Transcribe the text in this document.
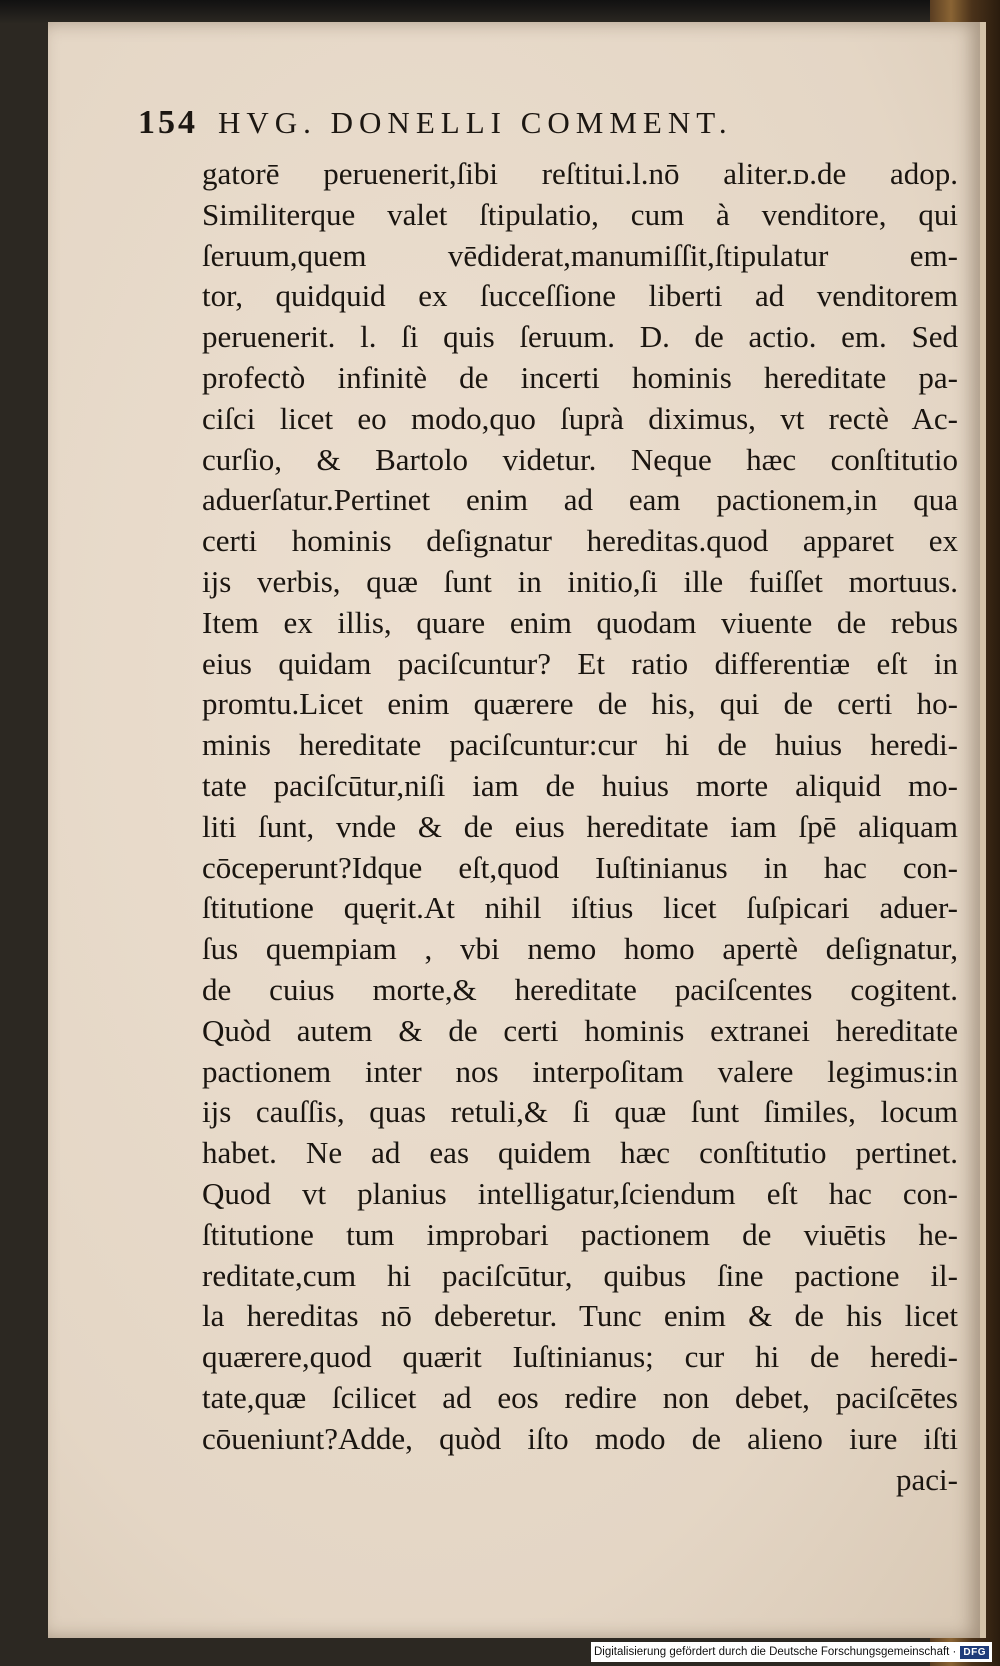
154 HVG. DONELLI COMMENT.
gatorē peruenerit,ſibi reſtitui.l.nō aliter.ᴅ.de adop.
Similiterque valet ſtipulatio, cum à venditore, qui
ſeruum,quem vēdiderat,manumiſſit,ſtipulatur em-
tor, quidquid ex ſucceſſione liberti ad venditorem
peruenerit. l. ſi quis ſeruum. D. de actio. em. Sed
profectò infinitè de incerti hominis hereditate pa-
ciſci licet eo modo,quo ſuprà diximus, vt rectè Ac-
curſio, & Bartolo videtur. Neque hæc conſtitutio
aduerſatur.Pertinet enim ad eam pactionem,in qua
certi hominis deſignatur hereditas.quod apparet ex
ijs verbis, quæ ſunt in initio,ſi ille fuiſſet mortuus.
Item ex illis, quare enim quodam viuente de rebus
eius quidam paciſcuntur? Et ratio differentiæ eſt in
promtu.Licet enim quærere de his, qui de certi ho-
minis hereditate paciſcuntur:cur hi de huius heredi-
tate paciſcūtur,niſi iam de huius morte aliquid mo-
liti ſunt, vnde & de eius hereditate iam ſpē aliquam
cōceperunt?Idque eſt,quod Iuſtinianus in hac con-
ſtitutione quęrit.At nihil iſtius licet ſuſpicari aduer-
ſus quempiam , vbi nemo homo apertè deſignatur,
de cuius morte,& hereditate paciſcentes cogitent.
Quòd autem & de certi hominis extranei hereditate
pactionem inter nos interpoſitam valere legimus:in
ijs cauſſis, quas retuli,& ſi quæ ſunt ſimiles, locum
habet. Ne ad eas quidem hæc conſtitutio pertinet.
Quod vt planius intelligatur,ſciendum eſt hac con-
ſtitutione tum improbari pactionem de viuētis he-
reditate,cum hi paciſcūtur, quibus ſine pactione il-
la hereditas nō deberetur. Tunc enim & de his licet
quærere,quod quærit Iuſtinianus; cur hi de heredi-
tate,quæ ſcilicet ad eos redire non debet, paciſcētes
cōueniunt?Adde, quòd iſto modo de alieno iure iſti
paci-
Digitalisierung gefördert durch die Deutsche Forschungsgemeinschaft · DFG
